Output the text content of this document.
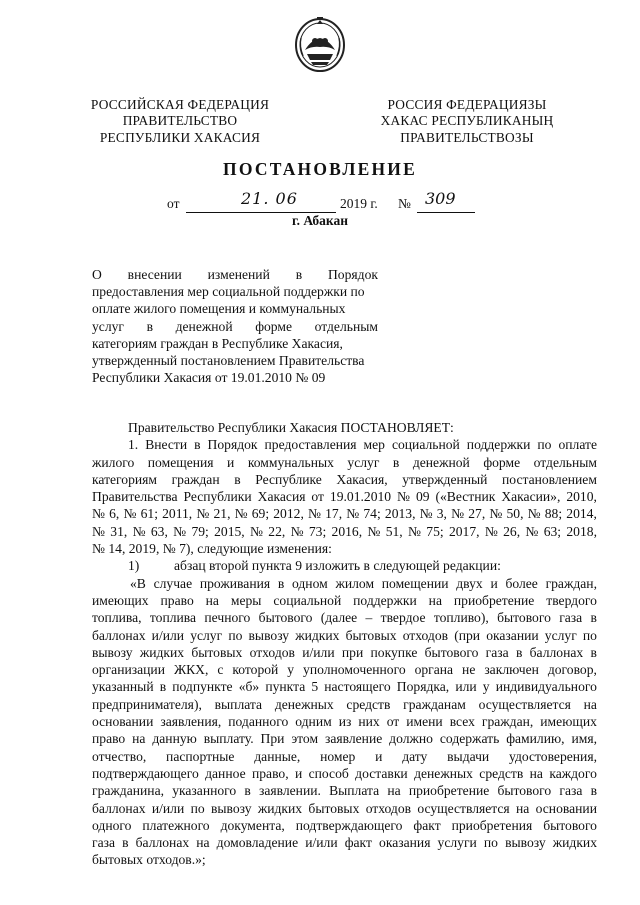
РОССИЙСКАЯ ФЕДЕРАЦИЯ
ПРАВИТЕЛЬСТВО
РЕСПУБЛИКИ ХАКАСИЯ
РОССИЯ ФЕДЕРАЦИЯЗЫ
ХАКАС РЕСПУБЛИКАНЫҢ
ПРАВИТЕЛЬСТВОЗЫ
ПОСТАНОВЛЕНИЕ
от	21. 06	2019 г. № 309
г. Абакан
О внесении изменений в Порядок
предоставления мер социальной поддержки по
оплате жилого помещения и коммунальных
услуг в денежной форме отдельным
категориям граждан в Республике Хакасия,
утвержденный постановлением Правительства
Республики Хакасия от 19.01.2010 № 09
Правительство Республики Хакасия ПОСТАНОВЛЯЕТ:
1. Внести в Порядок предоставления мер социальной поддержки по оплате
жилого помещения и коммунальных услуг в денежной форме отдельным
категориям граждан в Республике Хакасия, утвержденный постановлением
Правительства Республики Хакасия от 19.01.2010 № 09 («Вестник Хакасии», 2010,
№ 6, № 61; 2011, № 21, № 69; 2012, № 17, № 74; 2013, № 3, № 27, № 50, № 88; 2014,
№ 31, № 63, № 79; 2015, № 22, № 73; 2016, № 51, № 75; 2017, № 26, № 63; 2018,
№ 14, 2019, № 7), следующие изменения:
1)	абзац второй пункта 9 изложить в следующей редакции:
«В случае проживания в одном жилом помещении двух и более граждан,
имеющих право на меры социальной поддержки на приобретение твердого
топлива, топлива печного бытового (далее – твердое топливо), бытового газа в
баллонах и/или услуг по вывозу жидких бытовых отходов (при оказании услуг по
вывозу жидких бытовых отходов и/или при покупке бытового газа в баллонах в
организации ЖКХ, с которой у уполномоченного органа не заключен договор,
указанный в подпункте «б» пункта 5 настоящего Порядка, или у индивидуального
предпринимателя), выплата денежных средств гражданам осуществляется на
основании заявления, поданного одним из них от имени всех граждан, имеющих
право на данную выплату. При этом заявление должно содержать фамилию, имя,
отчество, паспортные данные, номер и дату выдачи удостоверения,
подтверждающего данное право, и способ доставки денежных средств на каждого
гражданина, указанного в заявлении. Выплата на приобретение бытового газа в
баллонах и/или по вывозу жидких бытовых отходов осуществляется на основании
одного платежного документа, подтверждающего факт приобретения бытового
газа в баллонах на домовладение и/или факт оказания услуги по вывозу жидких
бытовых отходов.»;
